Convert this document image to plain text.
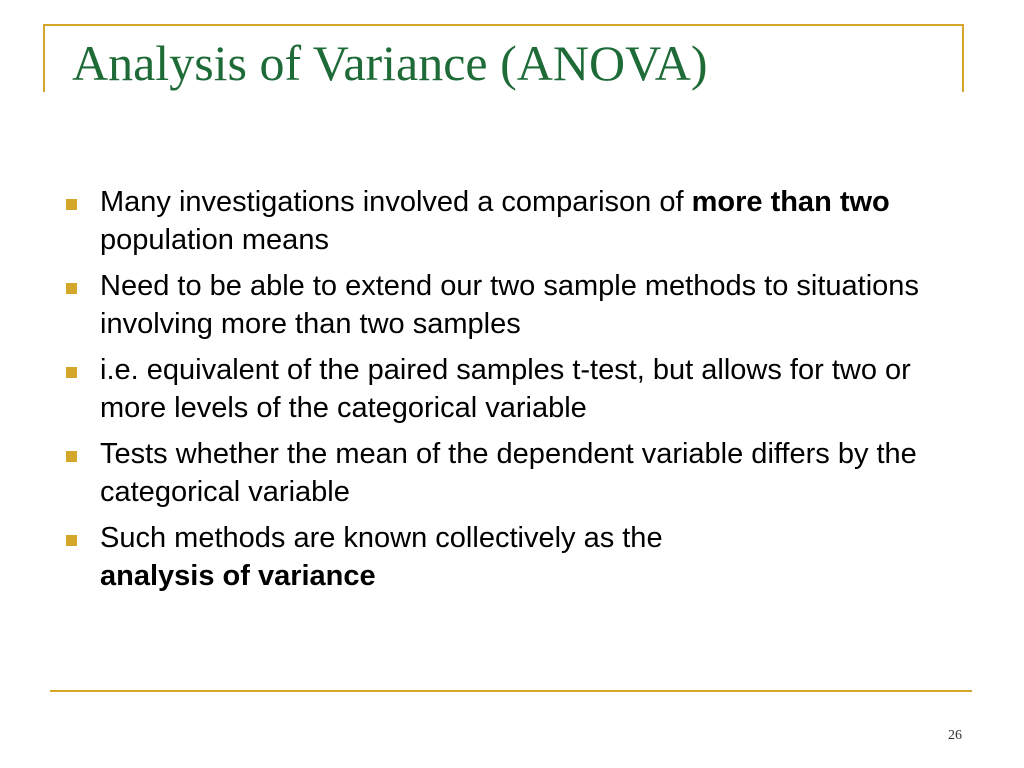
Analysis of Variance (ANOVA)
Many investigations involved a comparison of more than two population means
Need to be able to extend our two sample methods to situations involving more than two samples
i.e. equivalent of the paired samples t-test, but allows for two or more levels of the categorical variable
Tests whether the mean of the dependent variable differs by the categorical variable
Such methods are known collectively as the
analysis of variance
26
